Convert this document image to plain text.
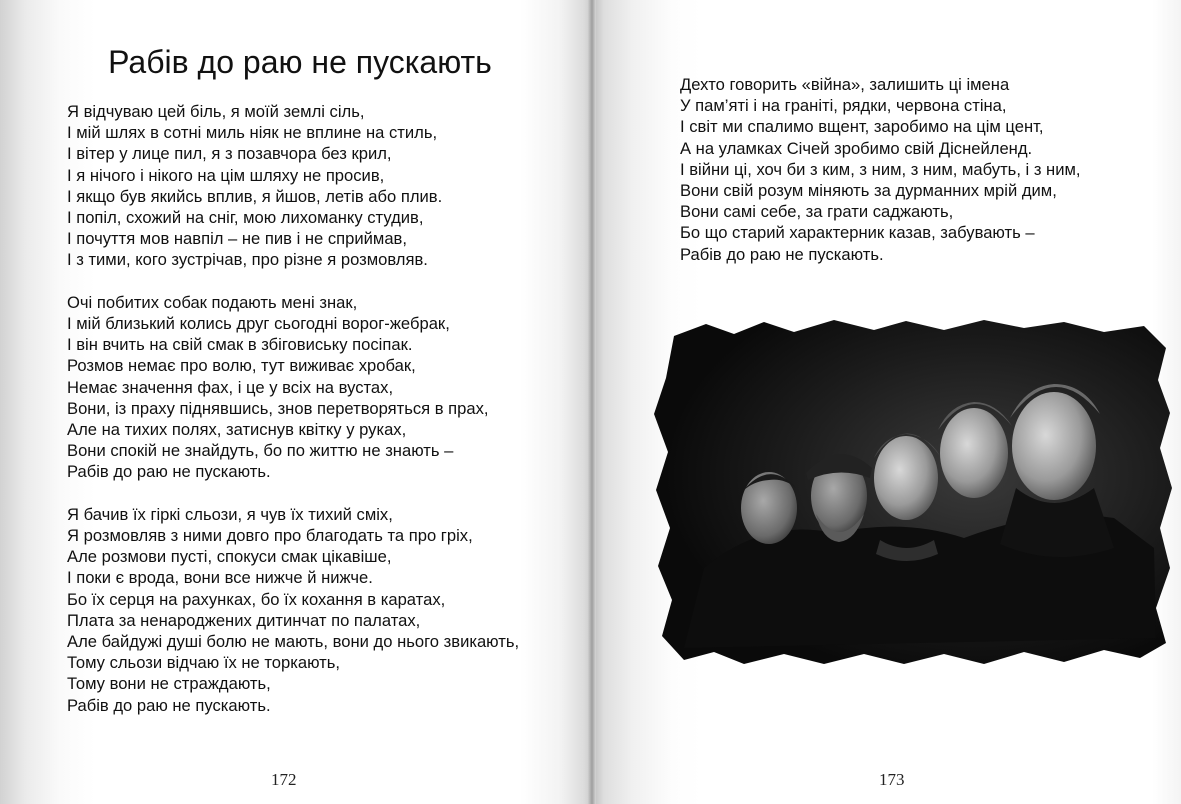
Рабів до раю не пускають
Я відчуваю цей біль, я моїй землі сіль,
І мій шлях в сотні миль ніяк не вплине на стиль,
І вітер у лице пил, я з позавчора без крил,
І я нічого і нікого на цім шляху не просив,
І якщо був якийсь вплив, я йшов, летів або плив.
І попіл, схожий на сніг, мою лихоманку студив,
І почуття мов навпіл – не пив і не сприймав,
І з тими, кого зустрічав, про різне я розмовляв.
Очі побитих собак подають мені знак,
І мій близький колись друг сьогодні ворог-жебрак,
І він вчить на свій смак в збіговиську посіпак.
Розмов немає про волю, тут виживає хробак,
Немає значення фах, і це у всіх на вустах,
Вони, із праху піднявшись, знов перетворяться в прах,
Але на тихих полях, затиснув квітку у руках,
Вони спокій не знайдуть, бо по життю не знають –
Рабів до раю не пускають.
Я бачив їх гіркі сльози, я чув їх тихий сміх,
Я розмовляв з ними довго про благодать та про гріх,
Але розмови пусті, спокуси смак цікавіше,
І поки є врода, вони все нижче й нижче.
Бо їх серця на рахунках, бо їх кохання в каратах,
Плата за ненароджених дитинчат по палатах,
Але байдужі душі болю не мають, вони до нього звикають,
Тому сльози відчаю їх не торкають,
Тому вони не страждають,
Рабів до раю не пускають.
172
Дехто говорить «війна», залишить ці імена
У пам’яті і на граніті, рядки, червона стіна,
І світ ми спалимо вщент, заробимо на цім цент,
А на уламках Січей зробимо свій Діснейленд.
І війни ці, хоч би з ким, з ним, з ним, мабуть, і з ним,
Вони свій розум міняють за дурманних мрій дим,
Вони самі себе, за грати саджають,
Бо що старий характерник казав, забувають –
Рабів до раю не пускають.
173
